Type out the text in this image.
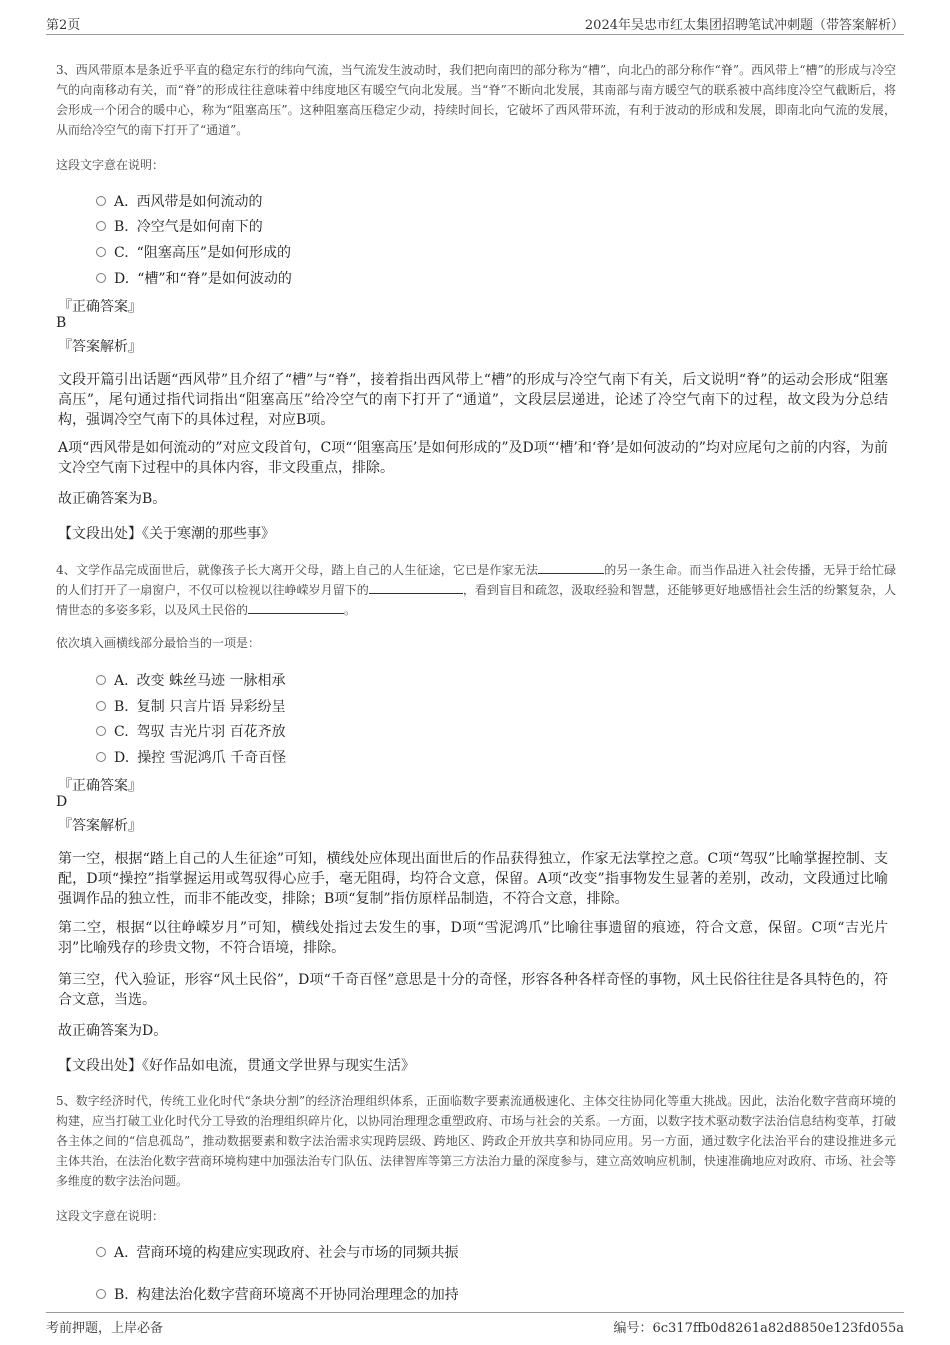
第2页	2024年吴忠市红太集团招聘笔试冲刺题（带答案解析）
3、西风带原本是条近乎平直的稳定东行的纬向气流，当气流发生波动时，我们把向南凹的部分称为“槽”，向北凸的部分称作“脊”。西风带上“槽”的形成与冷空气的向南移动有关，而“脊”的形成往往意味着中纬度地区有暖空气向北发展。当“脊”不断向北发展，其南部与南方暖空气的联系被中高纬度冷空气截断后，将会形成一个闭合的暖中心，称为“阻塞高压”。这种阻塞高压稳定少动，持续时间长，它破坏了西风带环流，有利于波动的形成和发展，即南北向气流的发展，从而给冷空气的南下打开了“通道”。
这段文字意在说明：
A. 西风带是如何流动的
B. 冷空气是如何南下的
C. “阻塞高压”是如何形成的
D. “槽”和“脊”是如何波动的
『正确答案』
B
『答案解析』
文段开篇引出话题“西风带”且介绍了“槽”与“脊”，接着指出西风带上“槽”的形成与冷空气南下有关，后文说明“脊”的运动会形成“阻塞高压”，尾句通过指代词指出“阻塞高压”给冷空气的南下打开了“通道”，文段层层递进，论述了冷空气南下的过程，故文段为分总结构，强调冷空气南下的具体过程，对应B项。
A项“西风带是如何流动的”对应文段首句，C项“‘阻塞高压’是如何形成的”及D项“‘槽’和‘脊’是如何波动的”均对应尾句之前的内容，为前文冷空气南下过程中的具体内容，非文段重点，排除。
故正确答案为B。
【文段出处】《关于寒潮的那些事》
4、文学作品完成面世后，就像孩子长大离开父母，踏上自己的人生征途，它已是作家无法	的另一条生命。而当作品进入社会传播，无异于给忙碌的人们打开了一扇窗户，不仅可以检视以往峥嵘岁月留下的	，看到盲目和疏忽，汲取经验和智慧，还能够更好地感悟社会生活的纷繁复杂，人情世态的多姿多彩，以及风土民俗的	。
依次填入画横线部分最恰当的一项是：
A. 改变 蛛丝马迹 一脉相承
B. 复制 只言片语 异彩纷呈
C. 驾驭 吉光片羽 百花齐放
D. 操控 雪泥鸿爪 千奇百怪
『正确答案』
D
『答案解析』
第一空，根据“踏上自己的人生征途”可知，横线处应体现出面世后的作品获得独立，作家无法掌控之意。C项“驾驭”比喻掌握控制、支配，D项“操控”指掌握运用或驾驭得心应手，毫无阻碍，均符合文意，保留。A项“改变”指事物发生显著的差别，改动，文段通过比喻强调作品的独立性，而非不能改变，排除；B项“复制”指仿原样品制造，不符合文意，排除。
第二空，根据“以往峥嵘岁月”可知，横线处指过去发生的事，D项“雪泥鸿爪”比喻往事遗留的痕迹，符合文意，保留。C项“吉光片羽”比喻残存的珍贵文物，不符合语境，排除。
第三空，代入验证，形容“风土民俗”，D项“千奇百怪”意思是十分的奇怪，形容各种各样奇怪的事物，风土民俗往往是各具特色的，符合文意，当选。
故正确答案为D。
【文段出处】《好作品如电流，贯通文学世界与现实生活》
5、数字经济时代，传统工业化时代“条块分割”的经济治理组织体系，正面临数字要素流通极速化、主体交往协同化等重大挑战。因此，法治化数字营商环境的构建，应当打破工业化时代分工导致的治理组织碎片化，以协同治理理念重塑政府、市场与社会的关系。一方面，以数字技术驱动数字法治信息结构变革，打破各主体之间的“信息孤岛”，推动数据要素和数字法治需求实现跨层级、跨地区、跨政企开放共享和协同应用。另一方面，通过数字化法治平台的建设推进多元主体共治，在法治化数字营商环境构建中加强法治专门队伍、法律智库等第三方法治力量的深度参与，建立高效响应机制，快速准确地应对政府、市场、社会等多维度的数字法治问题。
这段文字意在说明：
A. 营商环境的构建应实现政府、社会与市场的同频共振
B. 构建法治化数字营商环境离不开协同治理理念的加持
考前押题，上岸必备	编号：6c317ffb0d8261a82d8850e123fd055a
